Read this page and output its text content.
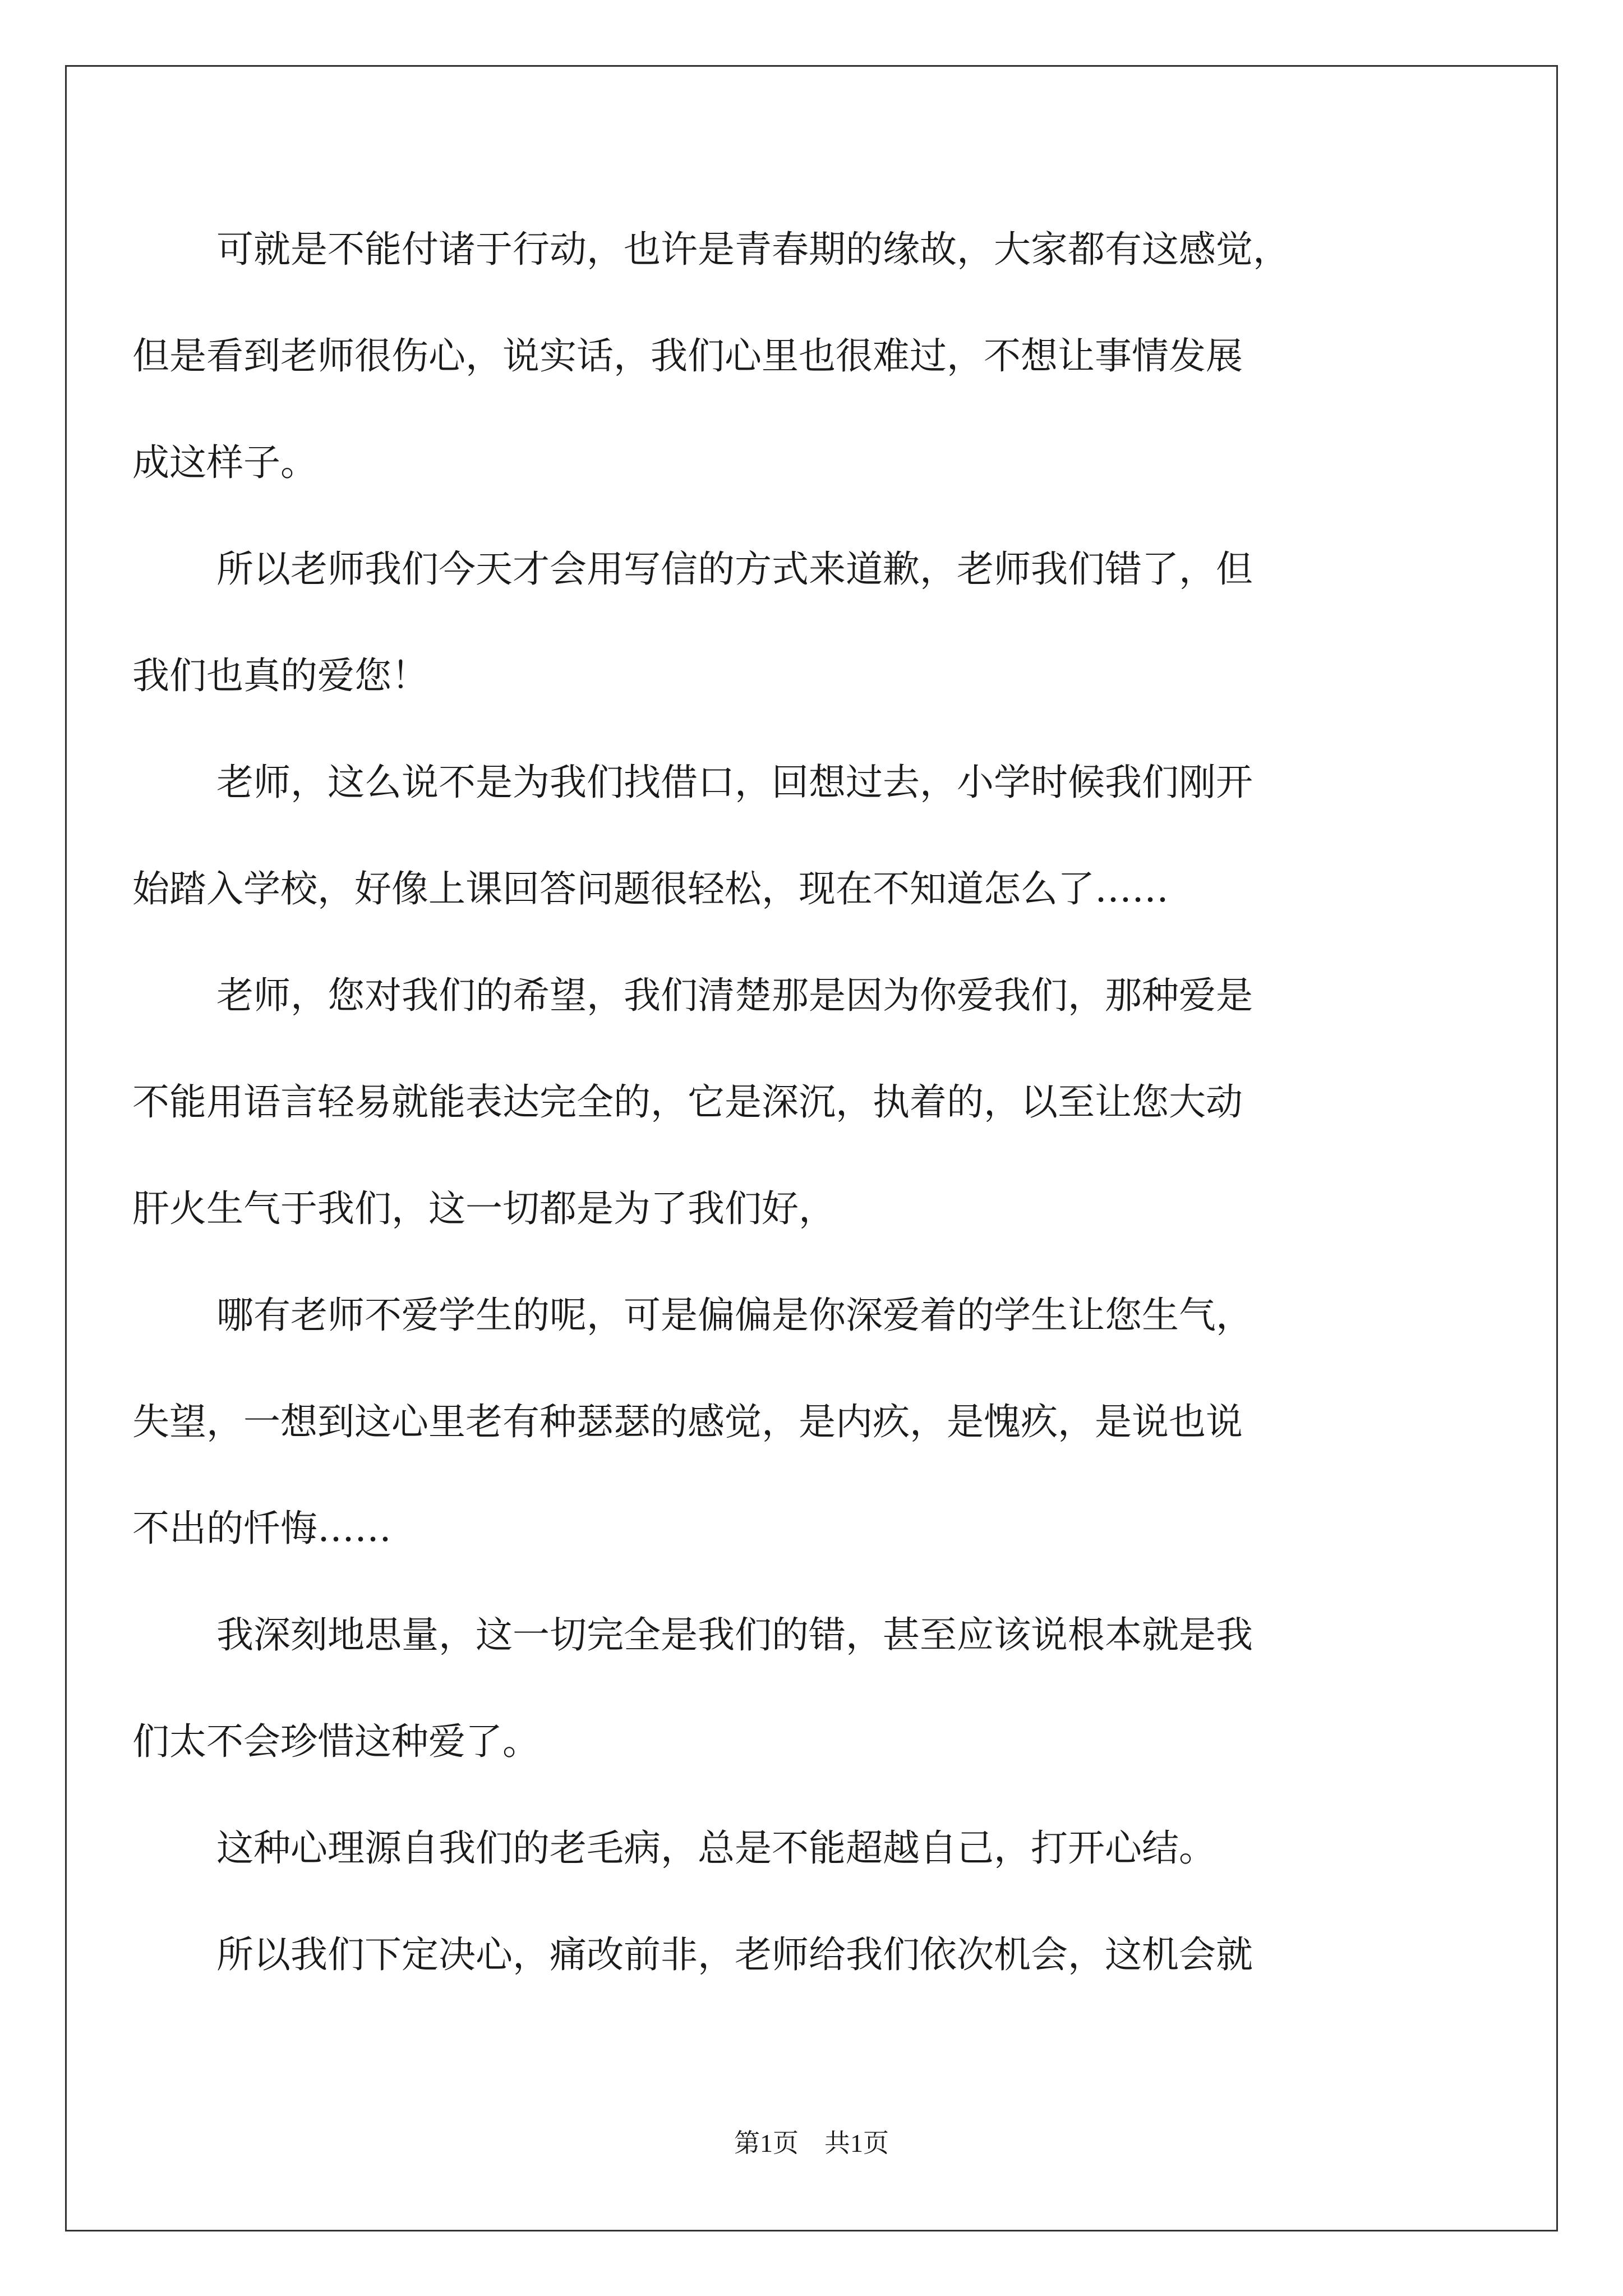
可就是不能付诸于行动，也许是青春期的缘故，大家都有这感觉，
但是看到老师很伤心，说实话，我们心里也很难过，不想让事情发展
成这样子。
所以老师我们今天才会用写信的方式来道歉，老师我们错了，但
我们也真的爱您！
老师，这么说不是为我们找借口，回想过去，小学时候我们刚开
始踏入学校，好像上课回答问题很轻松，现在不知道怎么了……
老师，您对我们的希望，我们清楚那是因为你爱我们，那种爱是
不能用语言轻易就能表达完全的，它是深沉，执着的，以至让您大动
肝火生气于我们，这一切都是为了我们好，
哪有老师不爱学生的呢，可是偏偏是你深爱着的学生让您生气，
失望，一想到这心里老有种瑟瑟的感觉，是内疚，是愧疚，是说也说
不出的忏悔……
我深刻地思量，这一切完全是我们的错，甚至应该说根本就是我
们太不会珍惜这种爱了。
这种心理源自我们的老毛病，总是不能超越自己，打开心结。
所以我们下定决心，痛改前非，老师给我们依次机会，这机会就
第1页　共1页
